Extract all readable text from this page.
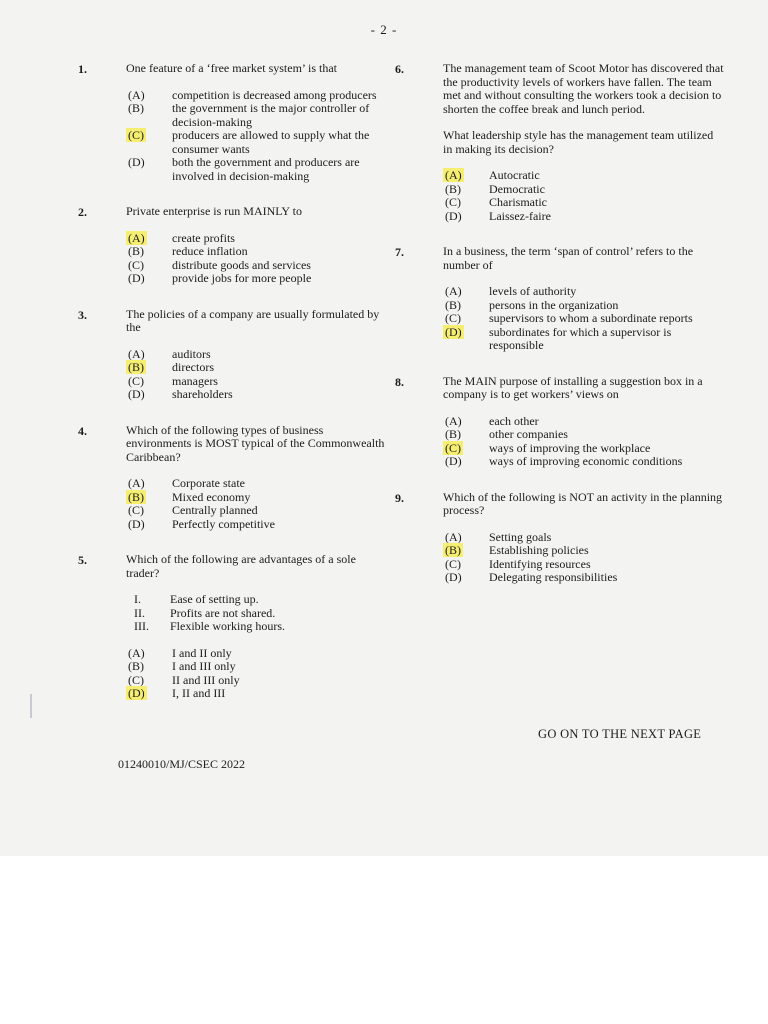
- 2 -
1.	One feature of a ‘free market system’ is that
(A)	competition is decreased among producers
(B)	the government is the major controller of decision-making
(C)	producers are allowed to supply what the consumer wants
(D)	both the government and producers are involved in decision-making
2.	Private enterprise is run MAINLY to
(A)	create profits
(B)	reduce inflation
(C)	distribute goods and services
(D)	provide jobs for more people
3.	The policies of a company are usually formulated by the
(A)	auditors
(B)	directors
(C)	managers
(D)	shareholders
4.	Which of the following types of business environments is MOST typical of the Commonwealth Caribbean?
(A)	Corporate state
(B)	Mixed economy
(C)	Centrally planned
(D)	Perfectly competitive
5.	Which of the following are advantages of a sole trader?
I.	Ease of setting up.
II.	Profits are not shared.
III.	Flexible working hours.
(A)	I and II only
(B)	I and III only
(C)	II and III only
(D)	I, II and III
6.	The management team of Scoot Motor has discovered that the productivity levels of workers have fallen. The team met and without consulting the workers took a decision to shorten the coffee break and lunch period.
What leadership style has the management team utilized in making its decision?
(A)	Autocratic
(B)	Democratic
(C)	Charismatic
(D)	Laissez-faire
7.	In a business, the term ‘span of control’ refers to the number of
(A)	levels of authority
(B)	persons in the organization
(C)	supervisors to whom a subordinate reports
(D)	subordinates for which a supervisor is responsible
8.	The MAIN purpose of installing a suggestion box in a company is to get workers’ views on
(A)	each other
(B)	other companies
(C)	ways of improving the workplace
(D)	ways of improving economic conditions
9.	Which of the following is NOT an activity in the planning process?
(A)	Setting goals
(B)	Establishing policies
(C)	Identifying resources
(D)	Delegating responsibilities
GO ON TO THE NEXT PAGE
01240010/MJ/CSEC 2022
